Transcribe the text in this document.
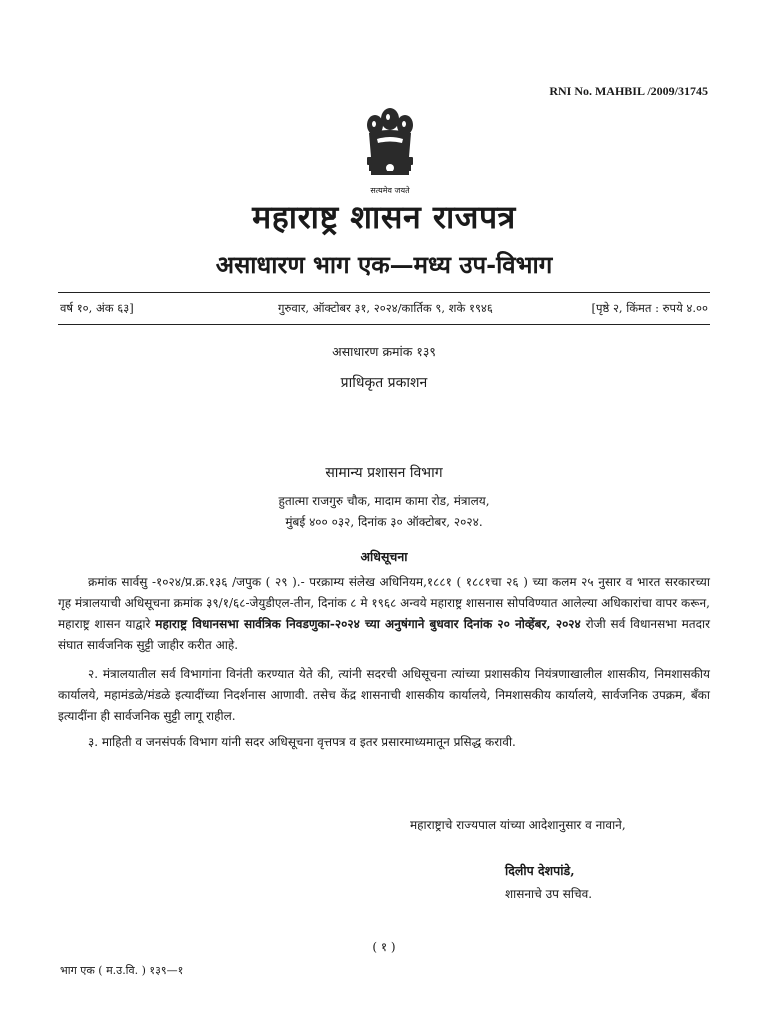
RNI No. MAHBIL /2009/31745
सत्यमेव जयते
महाराष्ट्र शासन राजपत्र
असाधारण भाग एक—मध्य उप-विभाग
वर्ष १०, अंक ६३]	गुरुवार, ऑक्टोबर ३१, २०२४/कार्तिक ९, शके १९४६	[पृष्ठे २, किंमत : रुपये ४.००
असाधारण क्रमांक १३९
प्राधिकृत प्रकाशन
सामान्य प्रशासन विभाग
हुतात्मा राजगुरु चौक, मादाम कामा रोड, मंत्रालय,
मुंबई ४०० ०३२, दिनांक ३० ऑक्टोबर, २०२४.
अधिसूचना
क्रमांक सार्वसु -१०२४/प्र.क्र.१३६ /जपुक ( २९ ).- परक्राम्य संलेख अधिनियम,१८८१ ( १८८१चा २६ ) च्या कलम २५ नुसार व भारत सरकारच्या गृह मंत्रालयाची अधिसूचना क्रमांक ३९/१/६८-जेयुडीएल-तीन, दिनांक ८ मे १९६८ अन्वये महाराष्ट्र शासनास सोपविण्यात आलेल्या अधिकारांचा वापर करून, महाराष्ट्र शासन याद्वारे महाराष्ट्र विधानसभा सार्वत्रिक निवडणुका-२०२४ च्या अनुषंगाने बुधवार दिनांक २० नोव्हेंबर, २०२४ रोजी सर्व विधानसभा मतदार संघात सार्वजनिक सुट्टी जाहीर करीत आहे.
२. मंत्रालयातील सर्व विभागांना विनंती करण्यात येते की, त्यांनी सदरची अधिसूचना त्यांच्या प्रशासकीय नियंत्रणाखालील शासकीय, निमशासकीय कार्यालये, महामंडळे/मंडळे इत्यादींच्या निदर्शनास आणावी. तसेच केंद्र शासनाची शासकीय कार्यालये, निमशासकीय कार्यालये, सार्वजनिक उपक्रम, बँका इत्यादींना ही सार्वजनिक सुट्टी लागू राहील.
३. माहिती व जनसंपर्क विभाग यांनी सदर अधिसूचना वृत्तपत्र व इतर प्रसारमाध्यमातून प्रसिद्ध करावी.
महाराष्ट्राचे राज्यपाल यांच्या आदेशानुसार व नावाने,
दिलीप देशपांडे,
शासनाचे उप सचिव.
( १ )
भाग एक ( म.उ.वि. ) १३९—१
